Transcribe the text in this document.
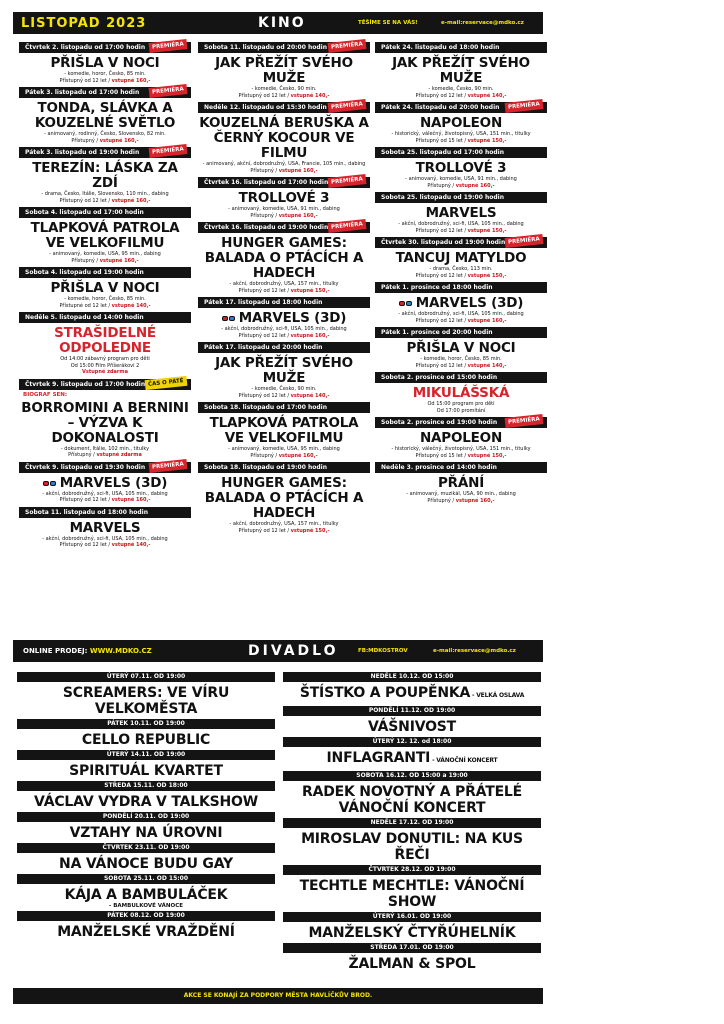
LISTOPAD 2023	KINO	TĚŠÍME SE NA VÁS!	e-mail:reservace@mdko.cz
Čtvrtek 2. listopadu od 17:00 hodin	PREMIÉRA
PŘIŠLA V NOCI
- komedie, horor, Česko, 85 min.
Přístupný od 12 let / vstupné 160,-
Pátek 3. listopadu od 17:00 hodin	PREMIÉRA
TONDA, SLÁVKA A KOUZELNÉ SVĚTLO
- animovaný, rodinný, Česko, Slovensko, 82 min.
Přístupný / vstupné 160,-
Pátek 3. listopadu od 19:00 hodin	PREMIÉRA
TEREZÍN: LÁSKA ZA ZDÍ
- drama, Česko, Itálie, Slovensko, 110 min., dabing
Přístupný od 12 let / vstupné 160,-
Sobota 4. listopadu od 17:00 hodin
TLAPKOVÁ PATROLA VE VELKOFILMU
- animovaný, komedie, USA, 95 min., dabing
Přístupný / vstupné 160,-
Sobota 4. listopadu od 19:00 hodin
PŘIŠLA V NOCI
- komedie, horor, Česko, 85 min.
Přístupné od 12 let / vstupné 140,-
Neděle 5. listopadu od 14:00 hodin
STRAŠIDELNÉ ODPOLEDNE
Od 14:00 zábavný program pro děti
Od 15:00 Film Příšerákovi 2
Vstupné zdarma
Čtvrtek 9. listopadu od 17:00 hodin ČAS O PÁTÉ
BIOGRAF SEN:
BORROMINI A BERNINI – VÝZVA K DOKONALOSTI
- dokument, Itálie, 102 min., titulky
Přístupný / vstupné zdarma
Čtvrtek 9. listopadu od 19:30 hodin	PREMIÉRA
MARVELS (3D)
- akční, dobrodružný, sci-fi, USA, 105 min., dabing
Přístupný od 12 let / vstupné 160,-
Sobota 11. listopadu od 18:00 hodin
MARVELS
- akční, dobrodružný, sci-fi, USA, 105 min., dabing
Přístupný od 12 let / vstupné 140,-
Sobota 11. listopadu od 20:00 hodin PREMIÉRA
JAK PŘEŽÍT SVÉHO MUŽE
- komedie, Česko, 90 min.
Přístupný od 12 let / vstupné 140,-
Neděle 12. listopadu od 15:30 hodin PREMIÉRA
KOUZELNÁ BERUŠKA A ČERNÝ KOCOUR VE FILMU
- animovaný, akční, dobrodružný, USA, Francie, 105 min., dabing
Přístupný / vstupné 160,-
Čtvrtek 16. listopadu od 17:00 hodin PREMIÉRA
TROLLOVÉ 3
- animovaný, komedie, USA, 91 min., dabing
Přístupný / vstupné 160,-
Čtvrtek 16. listopadu od 19:00 hodin PREMIÉRA
HUNGER GAMES: BALADA O PTÁCÍCH A HADECH
- akční, dobrodružný, USA, 157 min., titulky
Přístupný od 12 let / vstupné 150,-
Pátek 17. listopadu od 18:00 hodin
MARVELS (3D)
- akční, dobrodružný, sci-fi, USA, 105 min., dabing
Přístupný od 12 let / vstupné 160,-
Pátek 17. listopadu od 20:00 hodin
JAK PŘEŽÍT SVÉHO MUŽE
- komedie, Česko, 90 min.
Přístupný od 12 let / vstupné 140,-
Sobota 18. listopadu od 17:00 hodin
TLAPKOVÁ PATROLA VE VELKOFILMU
- animovaný, komedie, USA, 95 min., dabing
Přístupný / vstupné 160,-
Sobota 18. listopadu od 19:00 hodin
HUNGER GAMES: BALADA O PTÁCÍCH A HADECH
- akční, dobrodružný, USA, 157 min., titulky
Přístupný od 12 let / vstupné 150,-
Pátek 24. listopadu od 18:00 hodin
JAK PŘEŽÍT SVÉHO MUŽE
- komedie, Česko, 90 min.
Přístupný od 12 let / vstupné 140,-
Pátek 24. listopadu od 20:00 hodin	PREMIÉRA
NAPOLEON
- historický, válečný, životopisný, USA, 151 min., titulky
Přístupný od 15 let / vstupné 150,-
Sobota 25. listopadu od 17:00 hodin
TROLLOVÉ 3
- animovaný, komedie, USA, 91 min., dabing
Přístupný / vstupné 160,-
Sobota 25. listopadu od 19:00 hodin
MARVELS
- akční, dobrodružný, sci-fi, USA, 105 min., dabing
Přístupný od 12 let / vstupné 150,-
Čtvrtek 30. listopadu od 19:00 hodin PREMIÉRA
TANCUJ MATYLDO
- drama, Česko, 113 min.
Přístupný od 12 let / vstupné 150,-
Pátek 1. prosince od 18:00 hodin
MARVELS (3D)
- akční, dobrodružný, sci-fi, USA, 105 min., dabing
Přístupný od 12 let / vstupné 160,-
Pátek 1. prosince od 20:00 hodin
PŘIŠLA V NOCI
- komedie, horor, Česko, 85 min.
Přístupný od 12 let / vstupné 140,-
Sobota 2. prosince od 15:00 hodin
MIKULÁŠSKÁ
Od 15:00 program pro děti
Od 17:00 promítání
Sobota 2. prosince od 19:00 hodin	PREMIÉRA
NAPOLEON
- historický, válečný, životopisný, USA, 151 min., titulky
Přístupný od 15 let / vstupné 150,-
Neděle 3. prosince od 14:00 hodin
PŘÁNÍ
- animovaný, muzikál, USA, 90 min., dabing
Přístupný / vstupné 160,-
ONLINE PRODEJ: WWW.MDKO.CZ	DIVADLO	FB:MDKOSTROV	e-mail:reservace@mdko.cz
ÚTERÝ 07.11. OD 19:00
SCREAMERS: VE VÍRU VELKOMĚSTA
PÁTEK 10.11. OD 19:00
CELLO REPUBLIC
ÚTERÝ 14.11. OD 19:00
SPIRITUÁL KVARTET
STŘEDA 15.11. OD 18:00
VÁCLAV VYDRA V TALKSHOW
PONDĚLÍ 20.11. OD 19:00
VZTAHY NA ÚROVNI
ČTVRTEK 23.11. OD 19:00
NA VÁNOCE BUDU GAY
SOBOTA 25.11. OD 15:00
KÁJA A BAMBULÁČEK
- BAMBULKOVÉ VÁNOCE
PÁTEK 08.12. OD 19:00
MANŽELSKÉ VRAŽDĚNÍ
NEDĚLE 10.12. OD 15:00
ŠTÍSTKO A POUPĚNKA - VELKÁ OSLAVA
PONDĚLÍ 11.12. OD 19:00
VÁŠNIVOST
ÚTERÝ 12. 12. od 18:00
INFLAGRANTI - VÁNOČNÍ KONCERT
SOBOTA 16.12. OD 15:00 a 19:00
RADEK NOVOTNÝ A PŘÁTELÉ VÁNOČNÍ KONCERT
NEDĚLE 17.12. OD 19:00
MIROSLAV DONUTIL: NA KUS ŘEČI
ČTVRTEK 28.12. OD 19:00
TECHTLE MECHTLE: VÁNOČNÍ SHOW
ÚTERÝ 16.01. OD 19:00
MANŽELSKÝ ČTYŘÚHELNÍK
STŘEDA 17.01. OD 19:00
ŽALMAN & SPOL
AKCE SE KONAJÍ ZA PODPORY MĚSTA HAVLÍČKŮV BROD.
